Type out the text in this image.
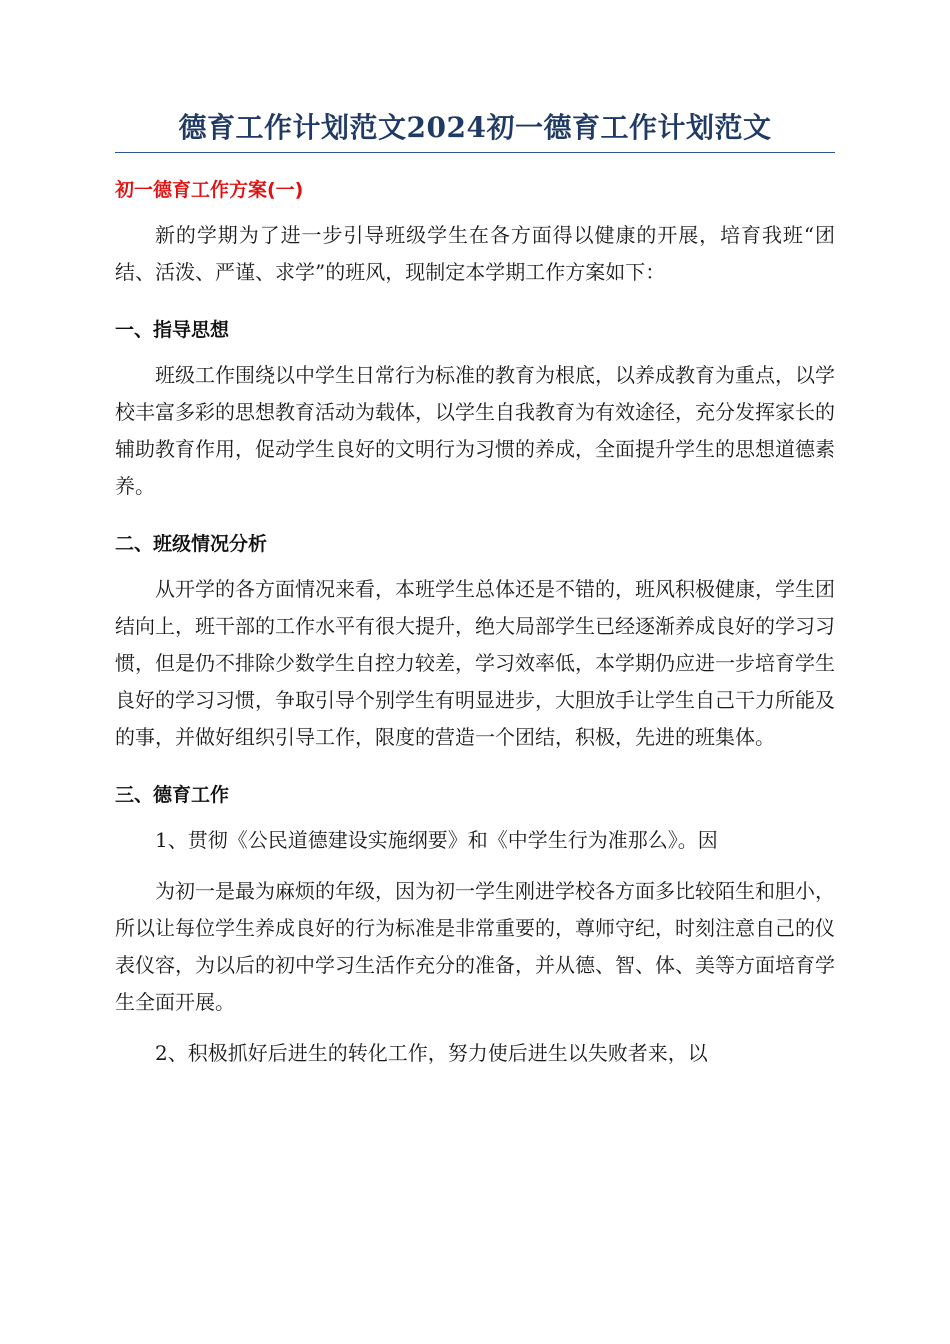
德育工作计划范文2024初一德育工作计划范文
初一德育工作方案(一)

新的学期为了进一步引导班级学生在各方面得以健康的开展，培育我班“团结、活泼、严谨、求学”的班风，现制定本学期工作方案如下：

一、指导思想

班级工作围绕以中学生日常行为标准的教育为根底，以养成教育为重点，以学校丰富多彩的思想教育活动为载体，以学生自我教育为有效途径，充分发挥家长的辅助教育作用，促动学生良好的文明行为习惯的养成，全面提升学生的思想道德素养。

二、班级情况分析

从开学的各方面情况来看，本班学生总体还是不错的，班风积极健康，学生团结向上，班干部的工作水平有很大提升，绝大局部学生已经逐渐养成良好的学习习惯，但是仍不排除少数学生自控力较差，学习效率低，本学期仍应进一步培育学生良好的学习习惯，争取引导个别学生有明显进步，大胆放手让学生自己干力所能及的事，并做好组织引导工作，限度的营造一个团结，积极，先进的班集体。

三、德育工作

1、贯彻《公民道德建设实施纲要》和《中学生行为准那么》。因

为初一是最为麻烦的年级，因为初一学生刚进学校各方面多比较陌生和胆小，所以让每位学生养成良好的行为标准是非常重要的，尊师守纪，时刻注意自己的仪表仪容，为以后的初中学习生活作充分的准备，并从德、智、体、美等方面培育学生全面开展。

2、积极抓好后进生的转化工作，努力使后进生以失败者来，以
